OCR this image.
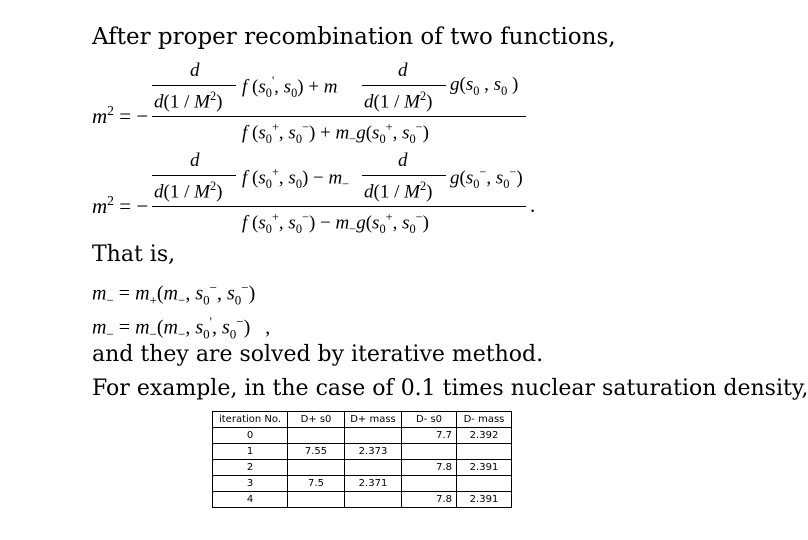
After proper recombination of two functions,
d	d
$d(1 / M^2)$	$d(1 / M^2)$
f ($s_0'$, $s_0) + m$	$g(s_0$ , $s_0$ )
$m^2$ = −
f ($s_0^+$, $s_0^-) + m_-g(s_0^+$, $s_0^-$)
d	d
$d(1 / M^2)$	$d(1 / M^2)$
f ($s_0^+$, $s_0) - m_-$	$g(s_0^-$, $s_0^-$)
$m^2$ = −	.
f ($s_0^+$, $s_0^-) - m_-g(s_0^+$, $s_0^-$)
That is,
$m_- = m_+(m_-$, $s_0^-$, $s_0^-$)
$m_- = m_-(m_-$, $s_0'$, $s_0^-$)   ,
and they are solved by iterative method.
For example, in the case of 0.1 times nuclear saturation density,
iteration No.	D+ s0	D+ mass	D- s0	D- mass
0			7.7	2.392
1	7.55	2.373		
2			7.8	2.391
3	7.5	2.371		
4			7.8	2.391
